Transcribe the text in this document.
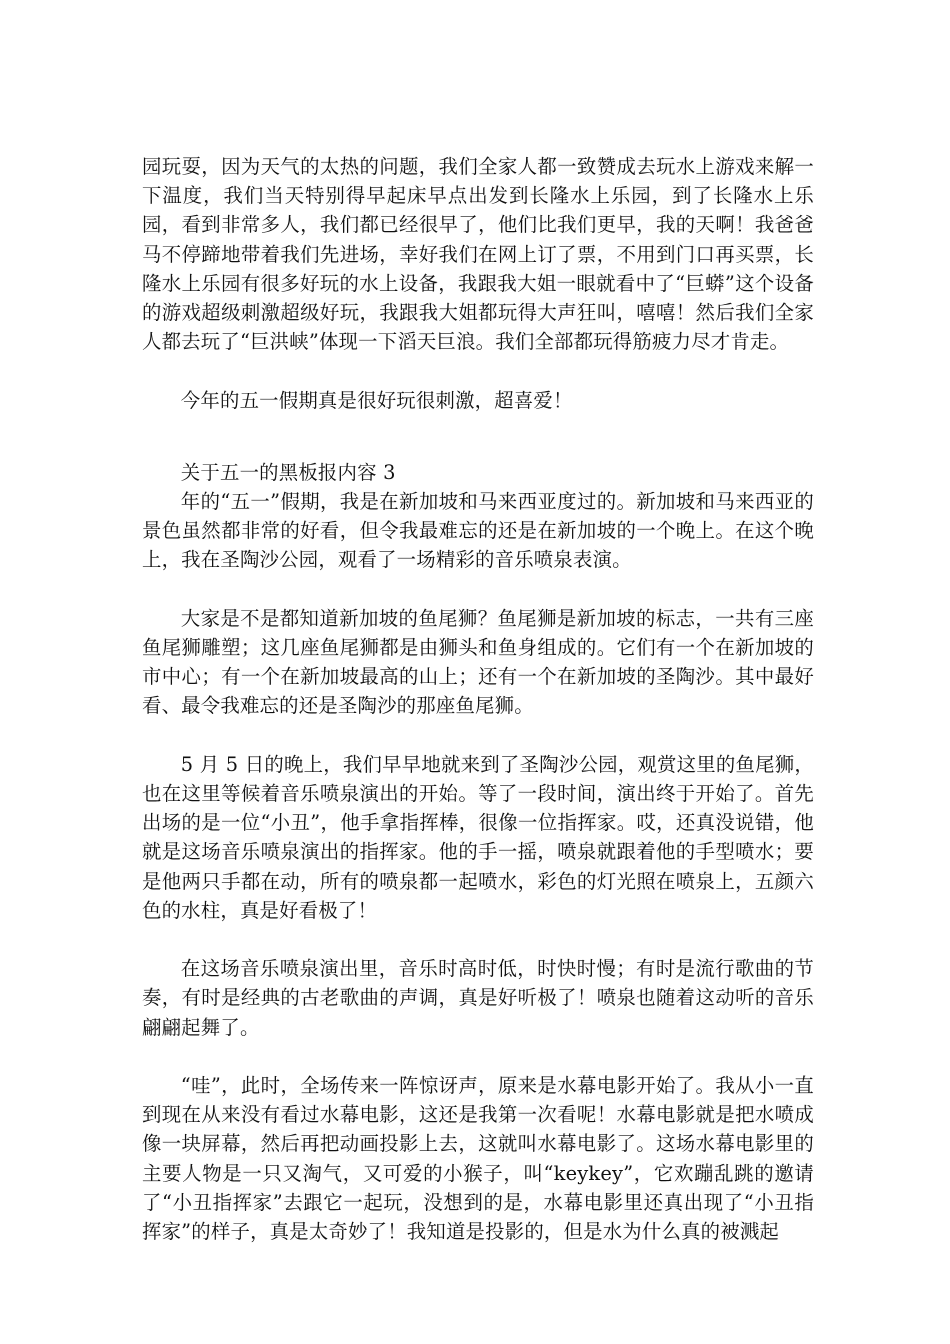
园玩耍，因为天气的太热的问题，我们全家人都一致赞成去玩水上游戏来解一下温度，我们当天特别得早起床早点出发到长隆水上乐园，到了长隆水上乐园，看到非常多人，我们都已经很早了，他们比我们更早，我的天啊！我爸爸马不停蹄地带着我们先进场，幸好我们在网上订了票，不用到门口再买票，长隆水上乐园有很多好玩的水上设备，我跟我大姐一眼就看中了“巨蟒”这个设备的游戏超级刺激超级好玩，我跟我大姐都玩得大声狂叫，嘻嘻！然后我们全家人都去玩了“巨洪峡”体现一下滔天巨浪。我们全部都玩得筋疲力尽才肯走。

今年的五一假期真是很好玩很刺激，超喜爱！

关于五一的黑板报内容 3

年的“五一”假期，我是在新加坡和马来西亚度过的。新加坡和马来西亚的景色虽然都非常的好看，但令我最难忘的还是在新加坡的一个晚上。在这个晚上，我在圣陶沙公园，观看了一场精彩的音乐喷泉表演。

大家是不是都知道新加坡的鱼尾狮？鱼尾狮是新加坡的标志，一共有三座鱼尾狮雕塑；这几座鱼尾狮都是由狮头和鱼身组成的。它们有一个在新加坡的市中心；有一个在新加坡最高的山上；还有一个在新加坡的圣陶沙。其中最好看、最令我难忘的还是圣陶沙的那座鱼尾狮。

5 月 5 日的晚上，我们早早地就来到了圣陶沙公园，观赏这里的鱼尾狮，也在这里等候着音乐喷泉演出的开始。等了一段时间，演出终于开始了。首先出场的是一位“小丑”，他手拿指挥棒，很像一位指挥家。哎，还真没说错，他就是这场音乐喷泉演出的指挥家。他的手一摇，喷泉就跟着他的手型喷水；要是他两只手都在动，所有的喷泉都一起喷水，彩色的灯光照在喷泉上，五颜六色的水柱，真是好看极了！

在这场音乐喷泉演出里，音乐时高时低，时快时慢；有时是流行歌曲的节奏，有时是经典的古老歌曲的声调，真是好听极了！喷泉也随着这动听的音乐翩翩起舞了。

“哇”，此时，全场传来一阵惊讶声，原来是水幕电影开始了。我从小一直到现在从来没有看过水幕电影，这还是我第一次看呢！水幕电影就是把水喷成像一块屏幕，然后再把动画投影上去，这就叫水幕电影了。这场水幕电影里的主要人物是一只又淘气，又可爱的小猴子，叫“keykey”，它欢蹦乱跳的邀请了“小丑指挥家”去跟它一起玩，没想到的是，水幕电影里还真出现了“小丑指挥家”的样子，真是太奇妙了！我知道是投影的，但是水为什么真的被溅起
